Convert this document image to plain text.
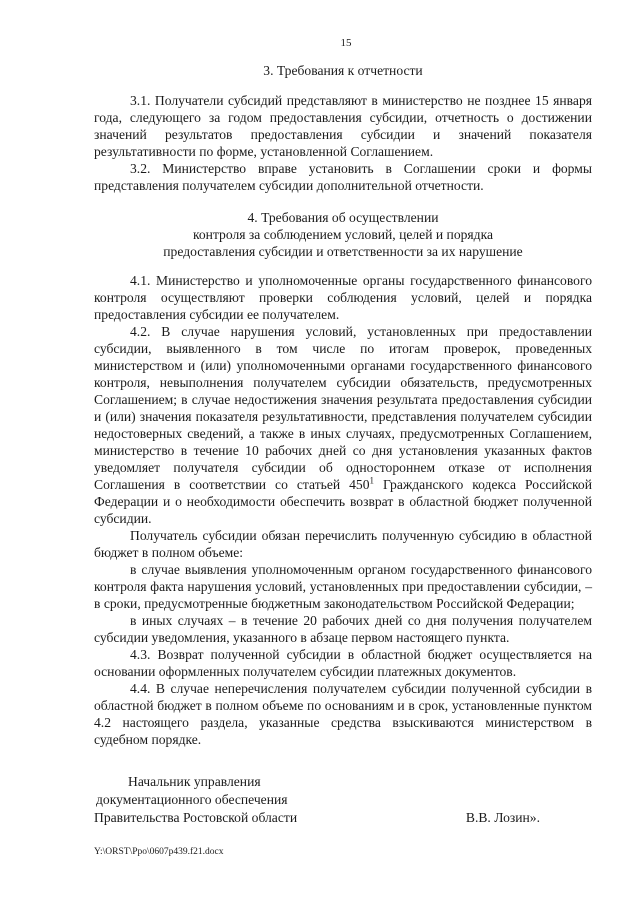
15
3. Требования к отчетности

3.1. Получатели субсидий представляют в министерство не позднее 15 января года, следующего за годом предоставления субсидии, отчетность о достижении значений результатов предоставления субсидии и значений показателя результативности по форме, установленной Соглашением.

3.2. Министерство вправе установить в Соглашении сроки и формы представления получателем субсидии дополнительной отчетности.

4. Требования об осуществлении
контроля за соблюдением условий, целей и порядка
предоставления субсидии и ответственности за их нарушение

4.1. Министерство и уполномоченные органы государственного финансового контроля осуществляют проверки соблюдения условий, целей и порядка предоставления субсидии ее получателем.

4.2. В случае нарушения условий, установленных при предоставлении субсидии, выявленного в том числе по итогам проверок, проведенных министерством и (или) уполномоченными органами государственного финансового контроля, невыполнения получателем субсидии обязательств, предусмотренных Соглашением; в случае недостижения значения результата предоставления субсидии и (или) значения показателя результативности, представления получателем субсидии недостоверных сведений, а также в иных случаях, предусмотренных Соглашением, министерство в течение 10 рабочих дней со дня установления указанных фактов уведомляет получателя субсидии об одностороннем отказе от исполнения Соглашения в соответствии со статьей $450^1$ Гражданского кодекса Российской Федерации и о необходимости обеспечить возврат в областной бюджет полученной субсидии.

Получатель субсидии обязан перечислить полученную субсидию в областной бюджет в полном объеме:

в случае выявления уполномоченным органом государственного финансового контроля факта нарушения условий, установленных при предоставлении субсидии, – в сроки, предусмотренные бюджетным законодательством Российской Федерации;

в иных случаях – в течение 20 рабочих дней со дня получения получателем субсидии уведомления, указанного в абзаце первом настоящего пункта.

4.3. Возврат полученной субсидии в областной бюджет осуществляется на основании оформленных получателем субсидии платежных документов.

4.4. В случае неперечисления получателем субсидии полученной субсидии в областной бюджет в полном объеме по основаниям и в срок, установленные пунктом 4.2 настоящего раздела, указанные средства взыскиваются министерством в судебном порядке.

Начальник управления
документационного обеспечения
Правительства Ростовской области	В.В. Лозин».
Y:\ORST\Ppo\0607p439.f21.docx
